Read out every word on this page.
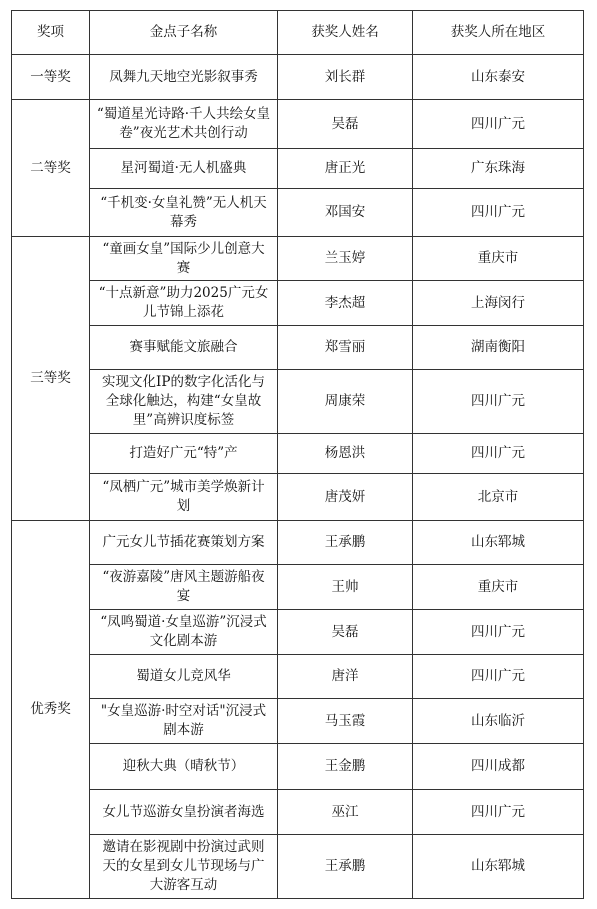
奖项	金点子名称	获奖人姓名	获奖人所在地区
一等奖	凤舞九天地空光影叙事秀	刘长群	山东泰安
二等奖	“蜀道星光诗路·千人共绘女皇卷”夜光艺术共创行动	吴磊	四川广元
	星河蜀道·无人机盛典	唐正光	广东珠海
	“千机变·女皇礼赞”无人机天幕秀	邓国安	四川广元
三等奖	“童画女皇”国际少儿创意大赛	兰玉婷	重庆市
	“十点新意”助力2025广元女儿节锦上添花	李杰超	上海闵行
	赛事赋能文旅融合	郑雪丽	湖南衡阳
	实现文化IP的数字化活化与全球化触达，构建“女皇故里”高辨识度标签	周康荣	四川广元
	打造好广元“特”产	杨恩洪	四川广元
	“凤栖广元”城市美学焕新计划	唐茂妍	北京市
优秀奖	广元女儿节插花赛策划方案	王承鹏	山东郓城
	“夜游嘉陵”唐风主题游船夜宴	王帅	重庆市
	“凤鸣蜀道·女皇巡游”沉浸式文化剧本游	吴磊	四川广元
	蜀道女儿竞风华	唐洋	四川广元
	"女皇巡游·时空对话"沉浸式剧本游	马玉霞	山东临沂
	迎秋大典（晴秋节）	王金鹏	四川成都
	女儿节巡游女皇扮演者海选	巫江	四川广元
	邀请在影视剧中扮演过武则天的女星到女儿节现场与广大游客互动	王承鹏	山东郓城
